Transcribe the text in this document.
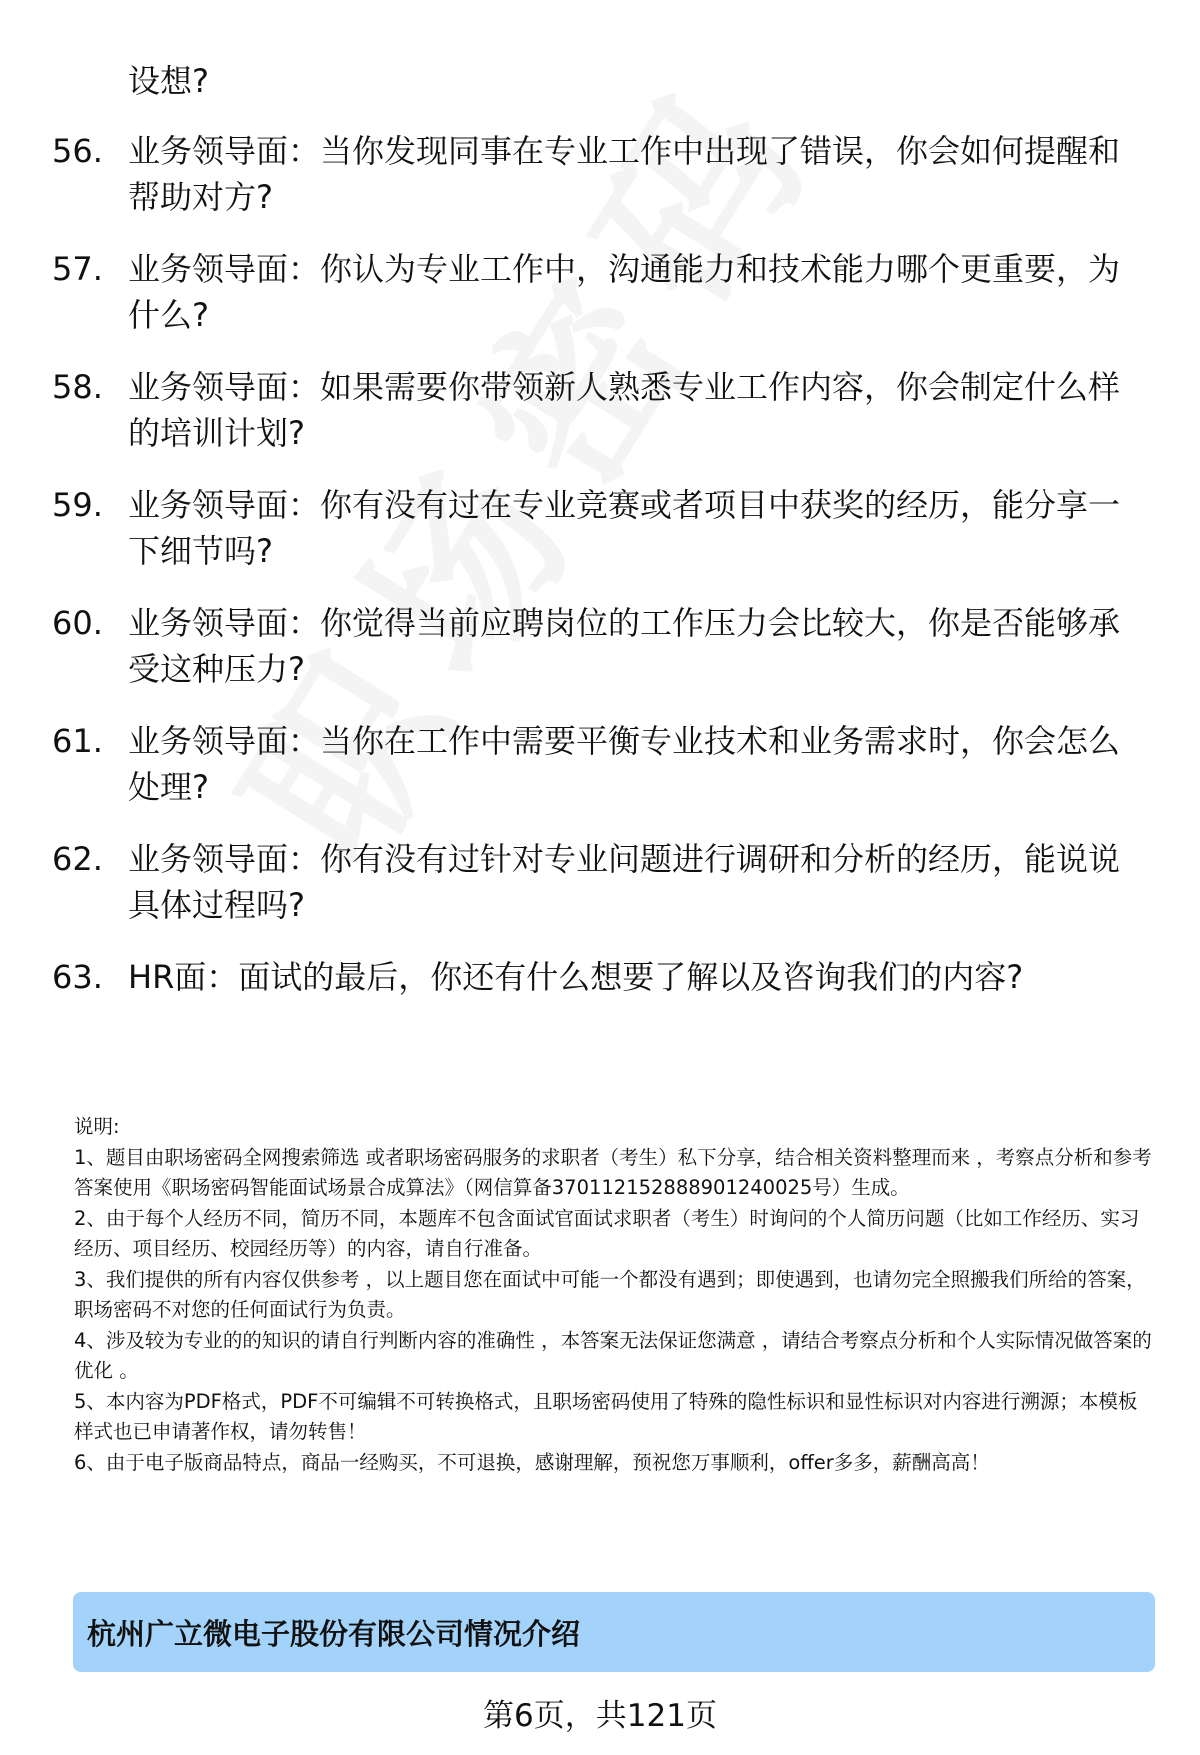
设想?
56. 业务领导面：当你发现同事在专业工作中出现了错误，你会如何提醒和帮助对方?
57. 业务领导面：你认为专业工作中，沟通能力和技术能力哪个更重要，为什么?
58. 业务领导面：如果需要你带领新人熟悉专业工作内容，你会制定什么样的培训计划?
59. 业务领导面：你有没有过在专业竞赛或者项目中获奖的经历，能分享一下细节吗?
60. 业务领导面：你觉得当前应聘岗位的工作压力会比较大，你是否能够承受这种压力?
61. 业务领导面：当你在工作中需要平衡专业技术和业务需求时，你会怎么处理?
62. 业务领导面：你有没有过针对专业问题进行调研和分析的经历，能说说具体过程吗?
63. HR面：面试的最后，你还有什么想要了解以及咨询我们的内容?

说明:

1、题目由职场密码全网搜索筛选 或者职场密码服务的求职者（考生）私下分享，结合相关资料整理而来 ，考察点分析和参考答案使用《职场密码智能面试场景合成算法》（网信算备370112152888901240025号）生成。

2、由于每个人经历不同，简历不同，本题库不包含面试官面试求职者（考生）时询问的个人简历问题（比如工作经历、实习经历、项目经历、校园经历等）的内容，请自行准备。

3、我们提供的所有内容仅供参考 ，以上题目您在面试中可能一个都没有遇到；即使遇到，也请勿完全照搬我们所给的答案，职场密码不对您的任何面试行为负责。

4、涉及较为专业的的知识的请自行判断内容的准确性 ，本答案无法保证您满意 ，请结合考察点分析和个人实际情况做答案的优化 。

5、本内容为PDF格式，PDF不可编辑不可转换格式，且职场密码使用了特殊的隐性标识和显性标识对内容进行溯源；本模板样式也已申请著作权，请勿转售！

6、由于电子版商品特点，商品一经购买，不可退换，感谢理解，预祝您万事顺利，offer多多，薪酬高高！

杭州广立微电子股份有限公司情况介绍
第6页，共121页
